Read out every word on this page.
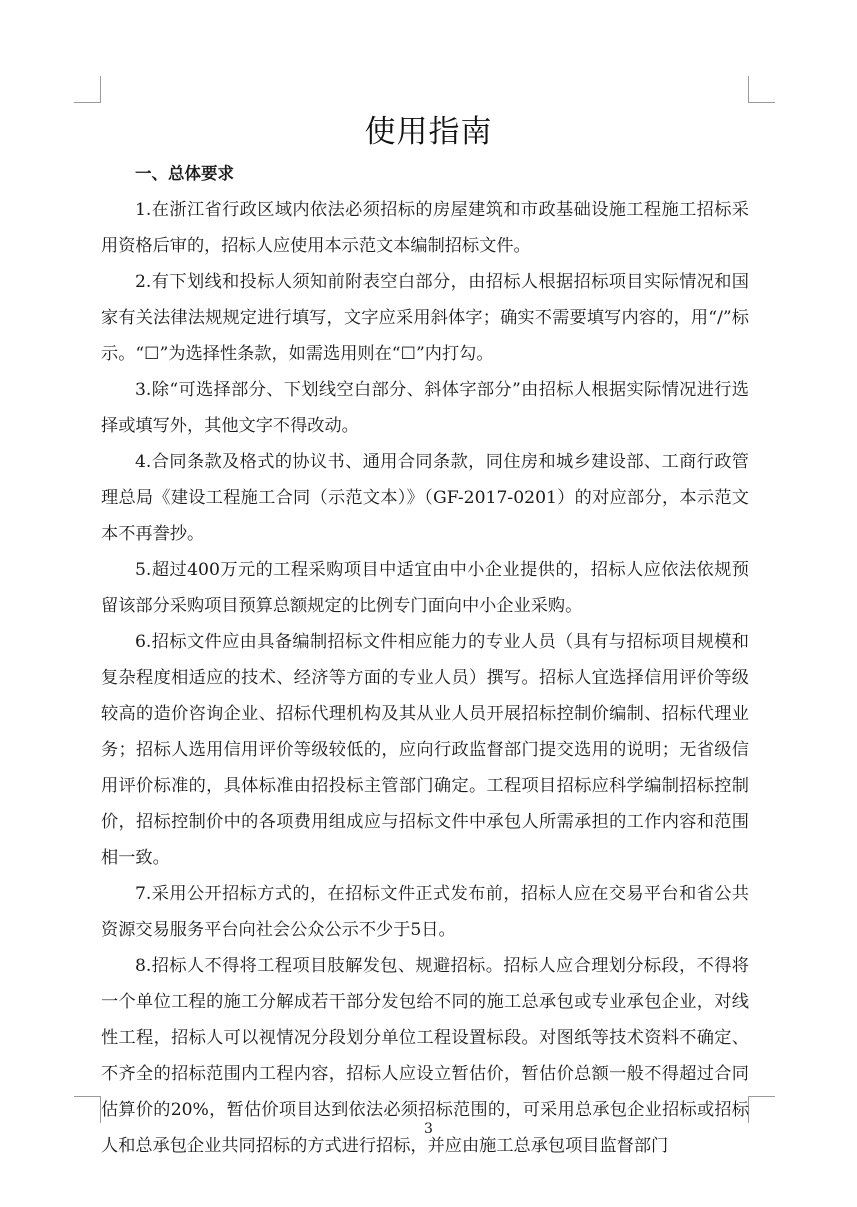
使用指南
一、总体要求

1.在浙江省行政区域内依法必须招标的房屋建筑和市政基础设施工程施工招标采用资格后审的，招标人应使用本示范文本编制招标文件。

2.有下划线和投标人须知前附表空白部分，由招标人根据招标项目实际情况和国家有关法律法规规定进行填写，文字应采用斜体字；确实不需要填写内容的，用“/”标示。“☐”为选择性条款，如需选用则在“☐”内打勾。

3.除“可选择部分、下划线空白部分、斜体字部分”由招标人根据实际情况进行选择或填写外，其他文字不得改动。

4.合同条款及格式的协议书、通用合同条款，同住房和城乡建设部、工商行政管理总局《建设工程施工合同（示范文本）》（GF-2017-0201）的对应部分，本示范文本不再誊抄。

5.超过400万元的工程采购项目中适宜由中小企业提供的，招标人应依法依规预留该部分采购项目预算总额规定的比例专门面向中小企业采购。

6.招标文件应由具备编制招标文件相应能力的专业人员（具有与招标项目规模和复杂程度相适应的技术、经济等方面的专业人员）撰写。招标人宜选择信用评价等级较高的造价咨询企业、招标代理机构及其从业人员开展招标控制价编制、招标代理业务；招标人选用信用评价等级较低的，应向行政监督部门提交选用的说明；无省级信用评价标准的，具体标准由招投标主管部门确定。工程项目招标应科学编制招标控制价，招标控制价中的各项费用组成应与招标文件中承包人所需承担的工作内容和范围相一致。

7.采用公开招标方式的，在招标文件正式发布前，招标人应在交易平台和省公共资源交易服务平台向社会公众公示不少于5日。

8.招标人不得将工程项目肢解发包、规避招标。招标人应合理划分标段，不得将一个单位工程的施工分解成若干部分发包给不同的施工总承包或专业承包企业，对线性工程，招标人可以视情况分段划分单位工程设置标段。对图纸等技术资料不确定、不齐全的招标范围内工程内容，招标人应设立暂估价，暂估价总额一般不得超过合同估算价的20%，暂估价项目达到依法必须招标范围的，可采用总承包企业招标或招标人和总承包企业共同招标的方式进行招标，并应由施工总承包项目监督部门

3
